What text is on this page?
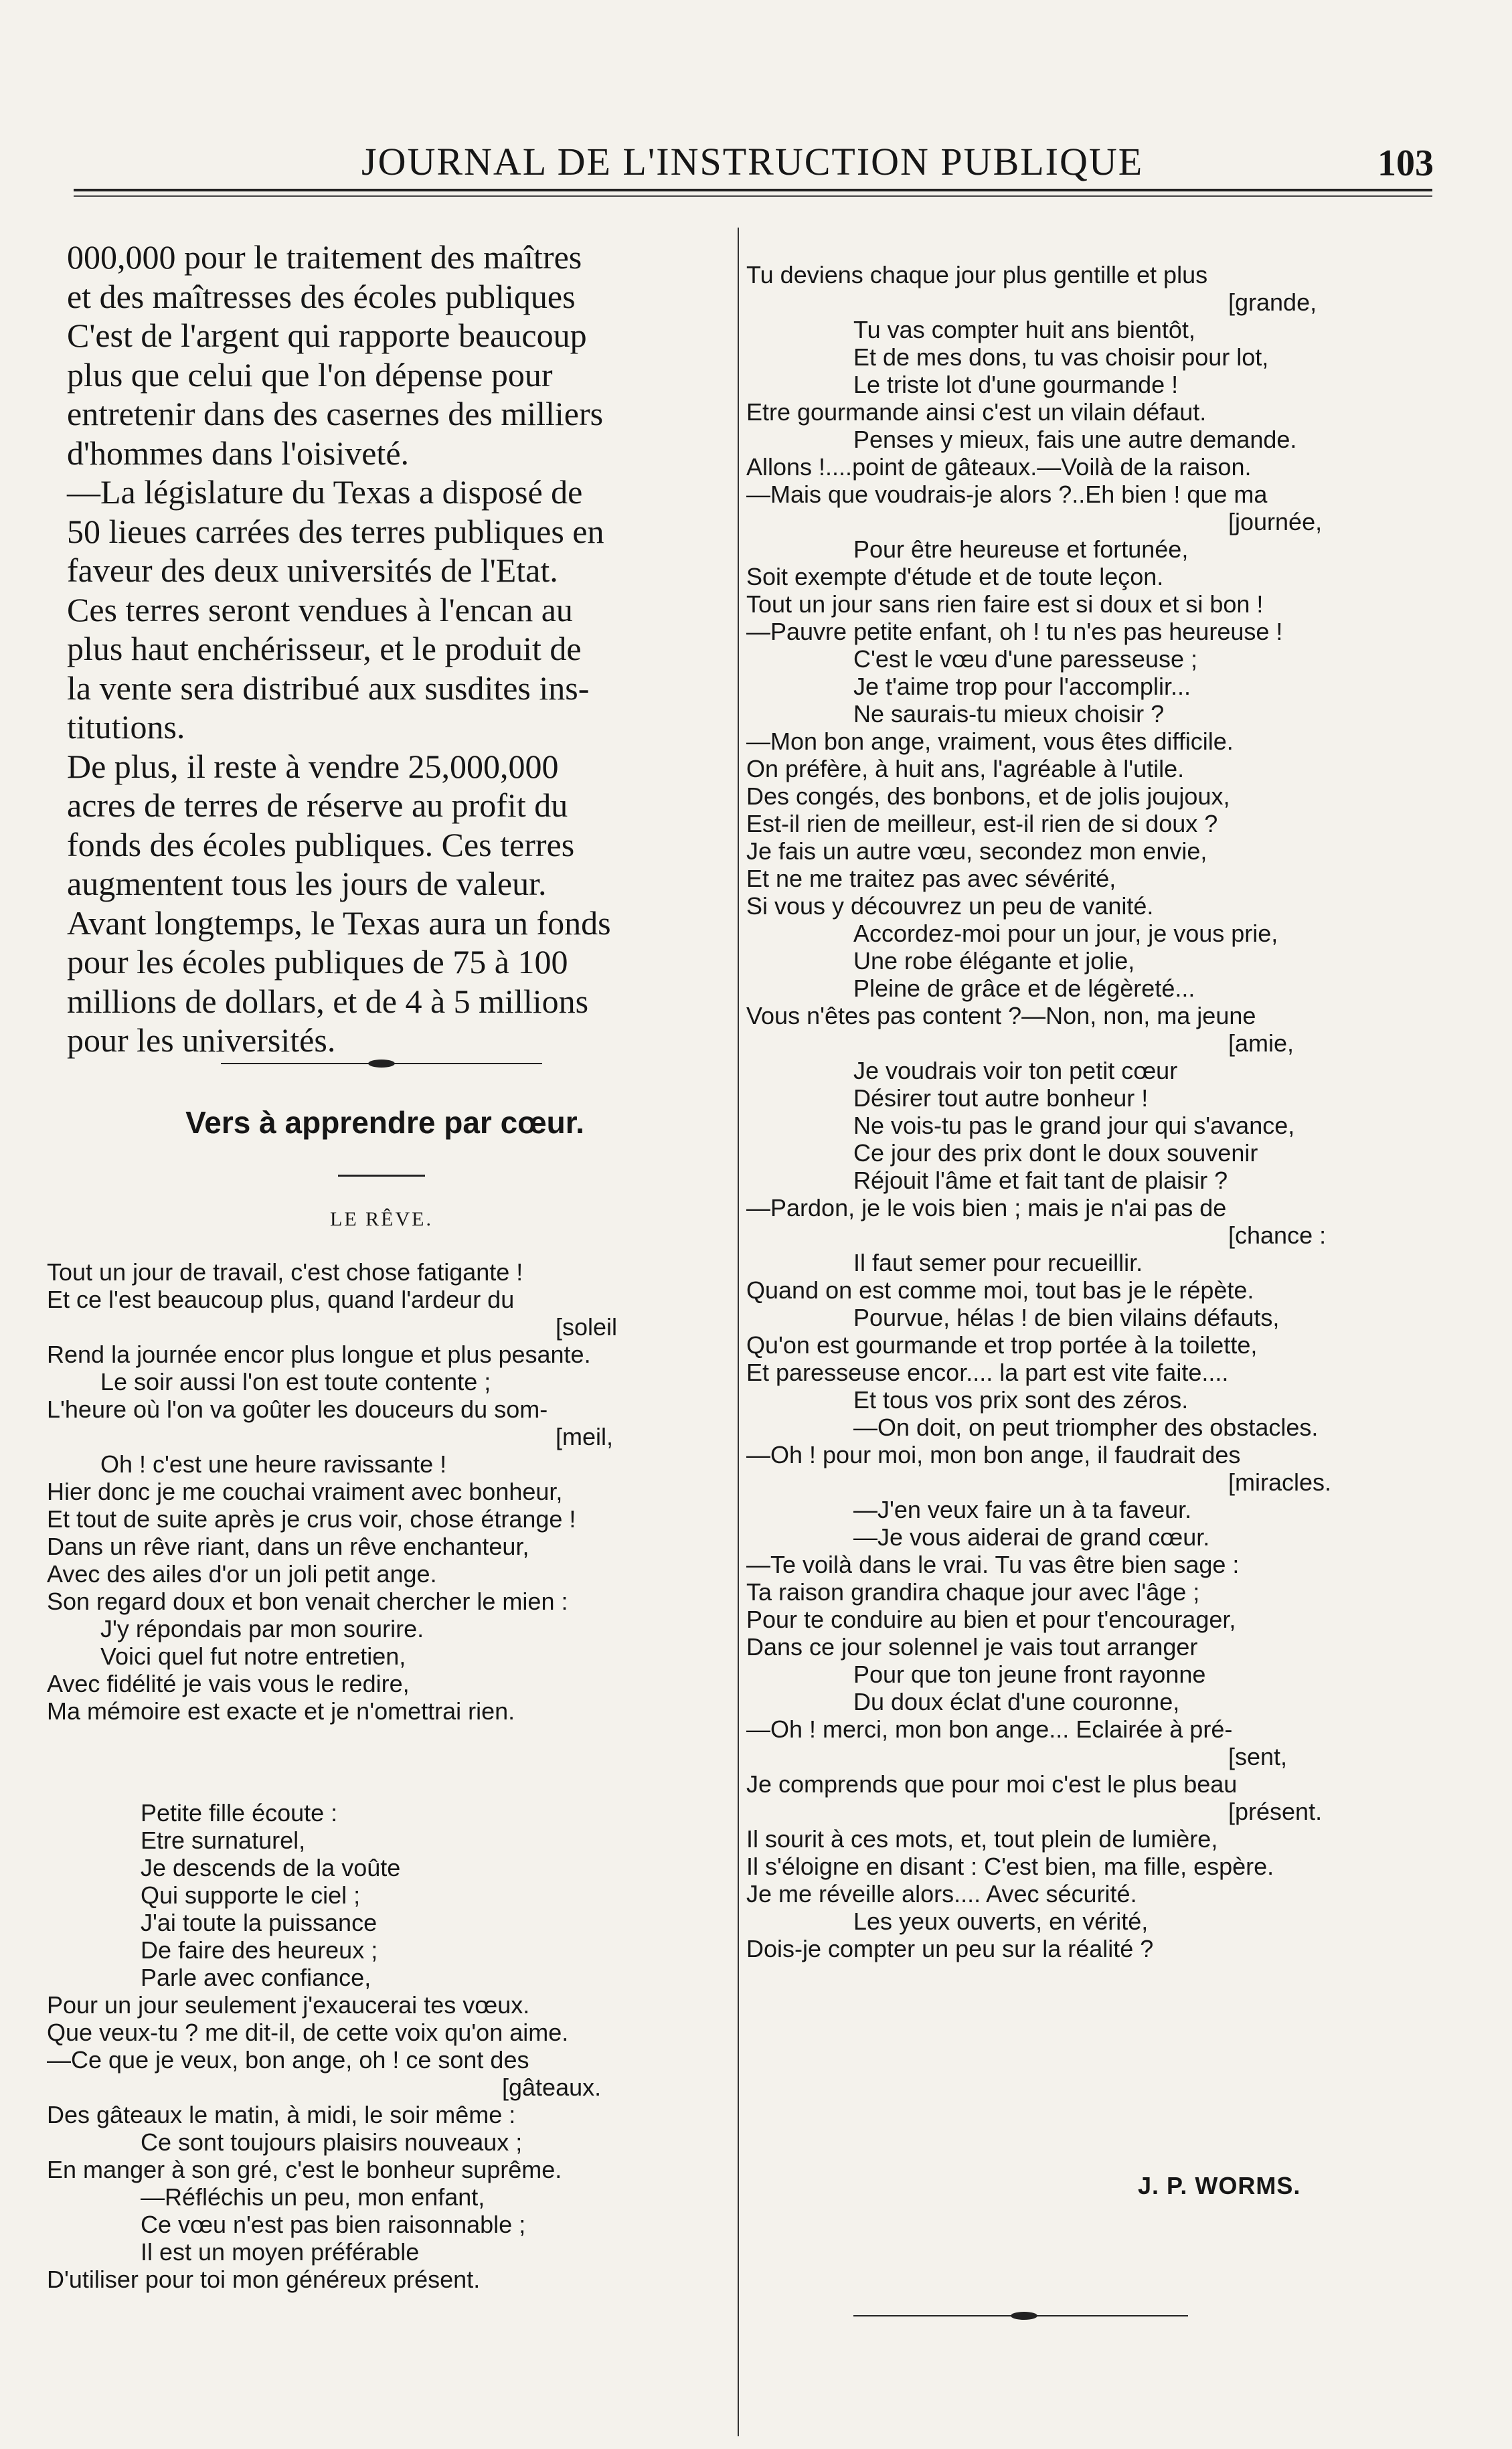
JOURNAL DE L'INSTRUCTION PUBLIQUE	103

000,000 pour le traitement des maîtres

et des maîtresses des écoles publiques

C'est de l'argent qui rapporte beaucoup

plus que celui que l'on dépense pour

entretenir dans des casernes des milliers

d'hommes dans l'oisiveté.

—La législature du Texas a disposé de

50 lieues carrées des terres publiques en

faveur des deux universités de l'Etat.

Ces terres seront vendues à l'encan au

plus haut enchérisseur, et le produit de

la vente sera distribué aux susdites ins-

titutions.

De plus, il reste à vendre 25,000,000

acres de terres de réserve au profit du

fonds des écoles publiques. Ces terres

augmentent tous les jours de valeur.

Avant longtemps, le Texas aura un fonds

pour les écoles publiques de 75 à 100

millions de dollars, et de 4 à 5 millions

pour les universités.

Vers à apprendre par cœur.
LE RÊVE.
Tout un jour de travail, c'est chose fatigante !
Et ce l'est beaucoup plus, quand l'ardeur du
[soleil
Rend la journée encor plus longue et plus pesante.
Le soir aussi l'on est toute contente ;
L'heure où l'on va goûter les douceurs du som-
[meil,
Oh ! c'est une heure ravissante !
Hier donc je me couchai vraiment avec bonheur,
Et tout de suite après je crus voir, chose étrange !
Dans un rêve riant, dans un rêve enchanteur,
Avec des ailes d'or un joli petit ange.
Son regard doux et bon venait chercher le mien :
J'y répondais par mon sourire.
Voici quel fut notre entretien,
Avec fidélité je vais vous le redire,
Ma mémoire est exacte et je n'omettrai rien.
Petite fille écoute :
Etre surnaturel,
Je descends de la voûte
Qui supporte le ciel ;
J'ai toute la puissance
De faire des heureux ;
Parle avec confiance,
Pour un jour seulement j'exaucerai tes vœux.
Que veux-tu ? me dit-il, de cette voix qu'on aime.
—Ce que je veux, bon ange, oh ! ce sont des
[gâteaux.
Des gâteaux le matin, à midi, le soir même :
Ce sont toujours plaisirs nouveaux ;
En manger à son gré, c'est le bonheur suprême.
—Réfléchis un peu, mon enfant,
Ce vœu n'est pas bien raisonnable ;
Il est un moyen préférable
D'utiliser pour toi mon généreux présent.
Tu deviens chaque jour plus gentille et plus
[grande,
Tu vas compter huit ans bientôt,
Et de mes dons, tu vas choisir pour lot,
Le triste lot d'une gourmande !
Etre gourmande ainsi c'est un vilain défaut.
Penses y mieux, fais une autre demande.
Allons !....point de gâteaux.—Voilà de la raison.
—Mais que voudrais-je alors ?..Eh bien ! que ma
[journée,
Pour être heureuse et fortunée,
Soit exempte d'étude et de toute leçon.
Tout un jour sans rien faire est si doux et si bon !
—Pauvre petite enfant, oh ! tu n'es pas heureuse !
C'est le vœu d'une paresseuse ;
Je t'aime trop pour l'accomplir...
Ne saurais-tu mieux choisir ?
—Mon bon ange, vraiment, vous êtes difficile.
On préfère, à huit ans, l'agréable à l'utile.
Des congés, des bonbons, et de jolis joujoux,
Est-il rien de meilleur, est-il rien de si doux ?
Je fais un autre vœu, secondez mon envie,
Et ne me traitez pas avec sévérité,
Si vous y découvrez un peu de vanité.
Accordez-moi pour un jour, je vous prie,
Une robe élégante et jolie,
Pleine de grâce et de légèreté...
Vous n'êtes pas content ?—Non, non, ma jeune
[amie,
Je voudrais voir ton petit cœur
Désirer tout autre bonheur !
Ne vois-tu pas le grand jour qui s'avance,
Ce jour des prix dont le doux souvenir
Réjouit l'âme et fait tant de plaisir ?
—Pardon, je le vois bien ; mais je n'ai pas de
[chance :
Il faut semer pour recueillir.
Quand on est comme moi, tout bas je le répète.
Pourvue, hélas ! de bien vilains défauts,
Qu'on est gourmande et trop portée à la toilette,
Et paresseuse encor.... la part est vite faite....
Et tous vos prix sont des zéros.
—On doit, on peut triompher des obstacles.
—Oh ! pour moi, mon bon ange, il faudrait des
[miracles.
—J'en veux faire un à ta faveur.
—Je vous aiderai de grand cœur.
—Te voilà dans le vrai. Tu vas être bien sage :
Ta raison grandira chaque jour avec l'âge ;
Pour te conduire au bien et pour t'encourager,
Dans ce jour solennel je vais tout arranger
Pour que ton jeune front rayonne
Du doux éclat d'une couronne,
—Oh ! merci, mon bon ange... Eclairée à pré-
[sent,
Je comprends que pour moi c'est le plus beau
[présent.
Il sourit à ces mots, et, tout plein de lumière,
Il s'éloigne en disant : C'est bien, ma fille, espère.
Je me réveille alors.... Avec sécurité.
Les yeux ouverts, en vérité,
Dois-je compter un peu sur la réalité ?
J. P. WORMS.
